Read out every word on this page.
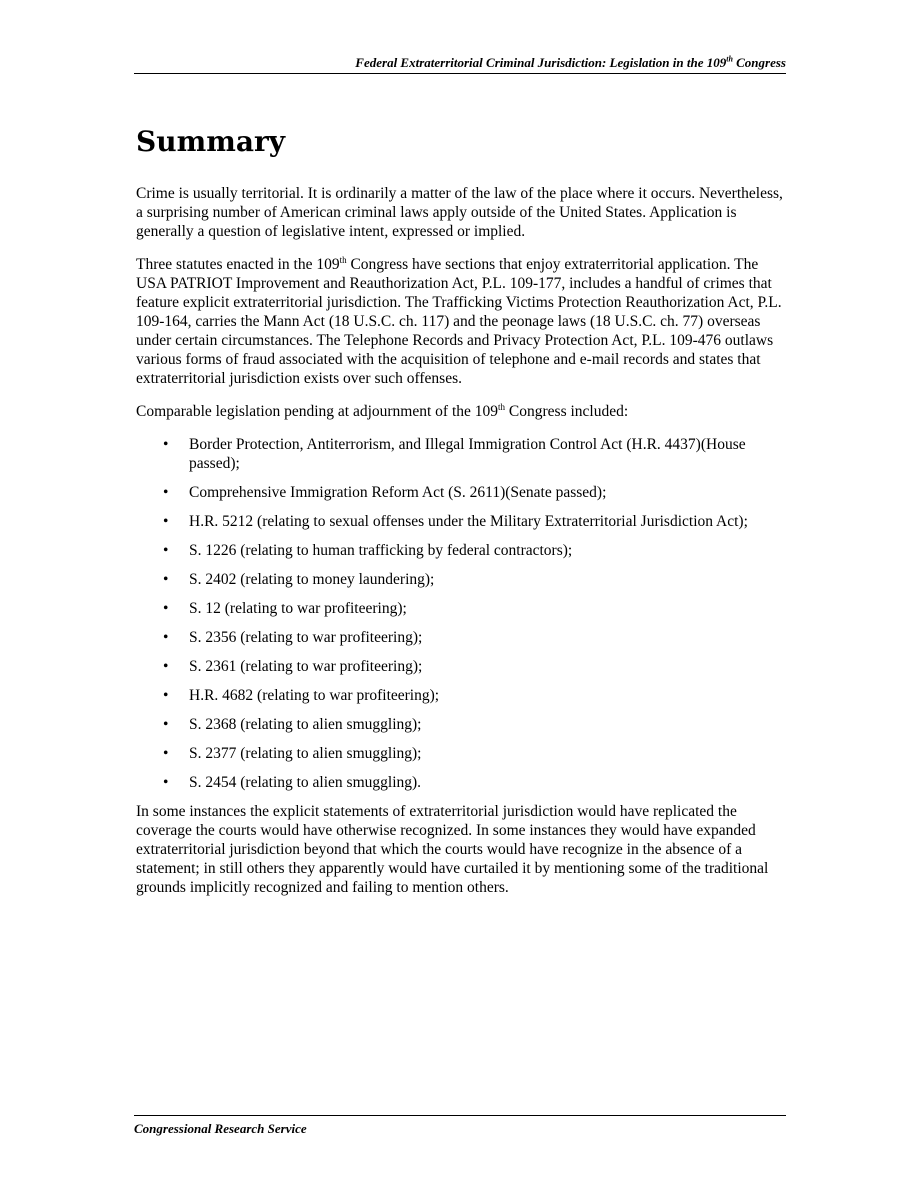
Federal Extraterritorial Criminal Jurisdiction: Legislation in the 109th Congress
Summary

Crime is usually territorial. It is ordinarily a matter of the law of the place where it occurs. Nevertheless, a surprising number of American criminal laws apply outside of the United States. Application is generally a question of legislative intent, expressed or implied.

Three statutes enacted in the 109th Congress have sections that enjoy extraterritorial application. The USA PATRIOT Improvement and Reauthorization Act, P.L. 109-177, includes a handful of crimes that feature explicit extraterritorial jurisdiction. The Trafficking Victims Protection Reauthorization Act, P.L. 109-164, carries the Mann Act (18 U.S.C. ch. 117) and the peonage laws (18 U.S.C. ch. 77) overseas under certain circumstances. The Telephone Records and Privacy Protection Act, P.L. 109-476 outlaws various forms of fraud associated with the acquisition of telephone and e-mail records and states that extraterritorial jurisdiction exists over such offenses.

Comparable legislation pending at adjournment of the 109th Congress included:

• Border Protection, Antiterrorism, and Illegal Immigration Control Act (H.R. 4437)(House passed);
• Comprehensive Immigration Reform Act (S. 2611)(Senate passed);
• H.R. 5212 (relating to sexual offenses under the Military Extraterritorial Jurisdiction Act);
• S. 1226 (relating to human trafficking by federal contractors);
• S. 2402 (relating to money laundering);
• S. 12 (relating to war profiteering);
• S. 2356 (relating to war profiteering);
• S. 2361 (relating to war profiteering);
• H.R. 4682 (relating to war profiteering);
• S. 2368 (relating to alien smuggling);
• S. 2377 (relating to alien smuggling);
• S. 2454 (relating to alien smuggling).

In some instances the explicit statements of extraterritorial jurisdiction would have replicated the coverage the courts would have otherwise recognized. In some instances they would have expanded extraterritorial jurisdiction beyond that which the courts would have recognize in the absence of a statement; in still others they apparently would have curtailed it by mentioning some of the traditional grounds implicitly recognized and failing to mention others.

Congressional Research Service
